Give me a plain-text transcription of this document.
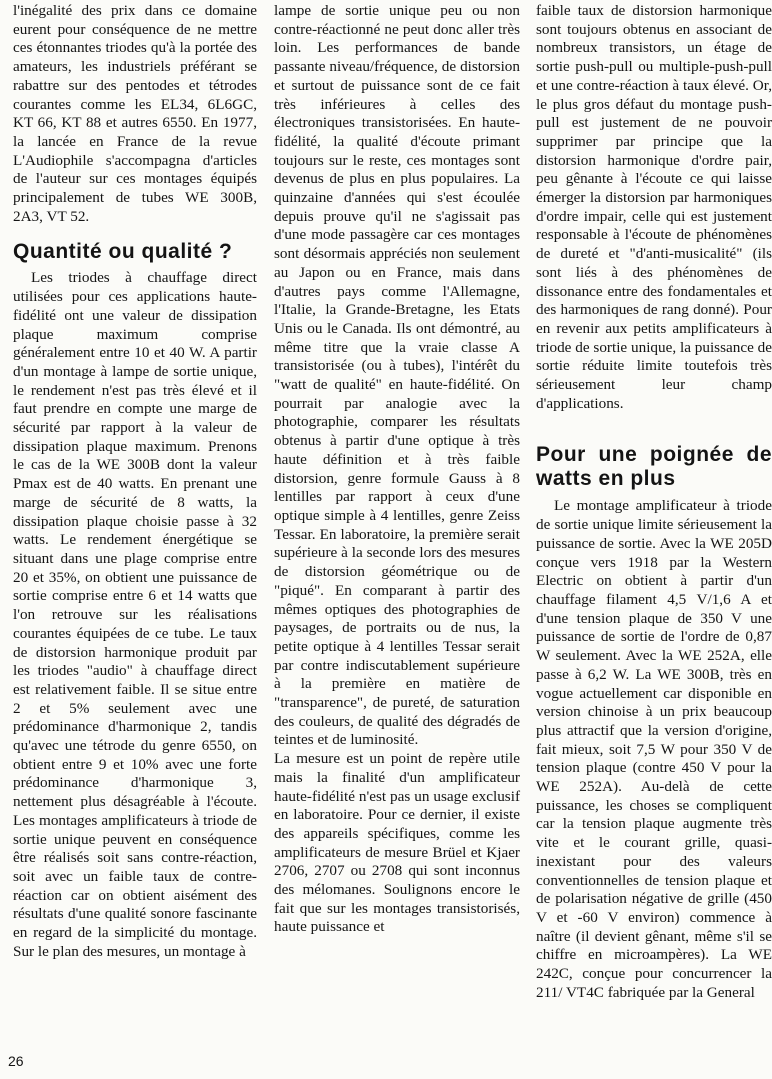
l'inégalité des prix dans ce domaine eurent pour conséquence de ne mettre ces étonnantes triodes qu'à la portée des amateurs, les industriels préférant se rabattre sur des pentodes et tétrodes courantes comme les EL34, 6L6GC, KT 66, KT 88 et autres 6550. En 1977, la lancée en France de la revue L'Audiophile s'accompagna d'articles de l'auteur sur ces montages équipés principalement de tubes WE 300B, 2A3, VT 52.

Quantité ou qualité ?

Les triodes à chauffage direct utilisées pour ces applications haute-fidélité ont une valeur de dissipation plaque maximum comprise généralement entre 10 et 40 W. A partir d'un montage à lampe de sortie unique, le rendement n'est pas très élevé et il faut prendre en compte une marge de sécurité par rapport à la valeur de dissipation plaque maximum. Prenons le cas de la WE 300B dont la valeur Pmax est de 40 watts. En prenant une marge de sécurité de 8 watts, la dissipation plaque choisie passe à 32 watts. Le rendement énergétique se situant dans une plage comprise entre 20 et 35%, on obtient une puissance de sortie comprise entre 6 et 14 watts que l'on retrouve sur les réalisations courantes équipées de ce tube. Le taux de distorsion harmonique produit par les triodes "audio" à chauffage direct est relativement faible. Il se situe entre 2 et 5% seulement avec une prédominance d'harmonique 2, tandis qu'avec une tétrode du genre 6550, on obtient entre 9 et 10% avec une forte prédominance d'harmonique 3, nettement plus désagréable à l'écoute. Les montages amplificateurs à triode de sortie unique peuvent en conséquence être réalisés soit sans contre-réaction, soit avec un faible taux de contre-réaction car on obtient aisément des résultats d'une qualité sonore fascinante en regard de la simplicité du montage. Sur le plan des mesures, un montage à

lampe de sortie unique peu ou non contre-réactionné ne peut donc aller très loin. Les performances de bande passante niveau/fréquence, de distorsion et surtout de puissance sont de ce fait très inférieures à celles des électroniques transistorisées. En haute-fidélité, la qualité d'écoute primant toujours sur le reste, ces montages sont devenus de plus en plus populaires. La quinzaine d'années qui s'est écoulée depuis prouve qu'il ne s'agissait pas d'une mode passagère car ces montages sont désormais appréciés non seulement au Japon ou en France, mais dans d'autres pays comme l'Allemagne, l'Italie, la Grande-Bretagne, les Etats Unis ou le Canada. Ils ont démontré, au même titre que la vraie classe A transistorisée (ou à tubes), l'intérêt du "watt de qualité" en haute-fidélité. On pourrait par analogie avec la photographie, comparer les résultats obtenus à partir d'une optique à très haute définition et à très faible distorsion, genre formule Gauss à 8 lentilles par rapport à ceux d'une optique simple à 4 lentilles, genre Zeiss Tessar. En laboratoire, la première serait supérieure à la seconde lors des mesures de distorsion géométrique ou de "piqué". En comparant à partir des mêmes optiques des photographies de paysages, de portraits ou de nus, la petite optique à 4 lentilles Tessar serait par contre indiscutablement supérieure à la première en matière de "transparence", de pureté, de saturation des couleurs, de qualité des dégradés de teintes et de luminosité.

La mesure est un point de repère utile mais la finalité d'un amplificateur haute-fidélité n'est pas un usage exclusif en laboratoire. Pour ce dernier, il existe des appareils spécifiques, comme les amplificateurs de mesure Brüel et Kjaer 2706, 2707 ou 2708 qui sont inconnus des mélomanes. Soulignons encore le fait que sur les montages transistorisés, haute puissance et

faible taux de distorsion harmonique sont toujours obtenus en associant de nombreux transistors, un étage de sortie push-pull ou multiple-push-pull et une contre-réaction à taux élevé. Or, le plus gros défaut du montage push-pull est justement de ne pouvoir supprimer par principe que la distorsion harmonique d'ordre pair, peu gênante à l'écoute ce qui laisse émerger la distorsion par harmoniques d'ordre impair, celle qui est justement responsable à l'écoute de phénomènes de dureté et "d'anti-musicalité" (ils sont liés à des phénomènes de dissonance entre des fondamentales et des harmoniques de rang donné). Pour en revenir aux petits amplificateurs à triode de sortie unique, la puissance de sortie réduite limite toutefois très sérieusement leur champ d'applications.

Pour une poignée de watts en plus

Le montage amplificateur à triode de sortie unique limite sérieusement la puissance de sortie. Avec la WE 205D conçue vers 1918 par la Western Electric on obtient à partir d'un chauffage filament 4,5 V/1,6 A et d'une tension plaque de 350 V une puissance de sortie de l'ordre de 0,87 W seulement. Avec la WE 252A, elle passe à 6,2 W. La WE 300B, très en vogue actuellement car disponible en version chinoise à un prix beaucoup plus attractif que la version d'origine, fait mieux, soit 7,5 W pour 350 V de tension plaque (contre 450 V pour la WE 252A). Au-delà de cette puissance, les choses se compliquent car la tension plaque augmente très vite et le courant grille, quasi-inexistant pour des valeurs conventionnelles de tension plaque et de polarisation négative de grille (450 V et -60 V environ) commence à naître (il devient gênant, même s'il se chiffre en microampères). La WE 242C, conçue pour concurrencer la 211/ VT4C fabriquée par la General

26
